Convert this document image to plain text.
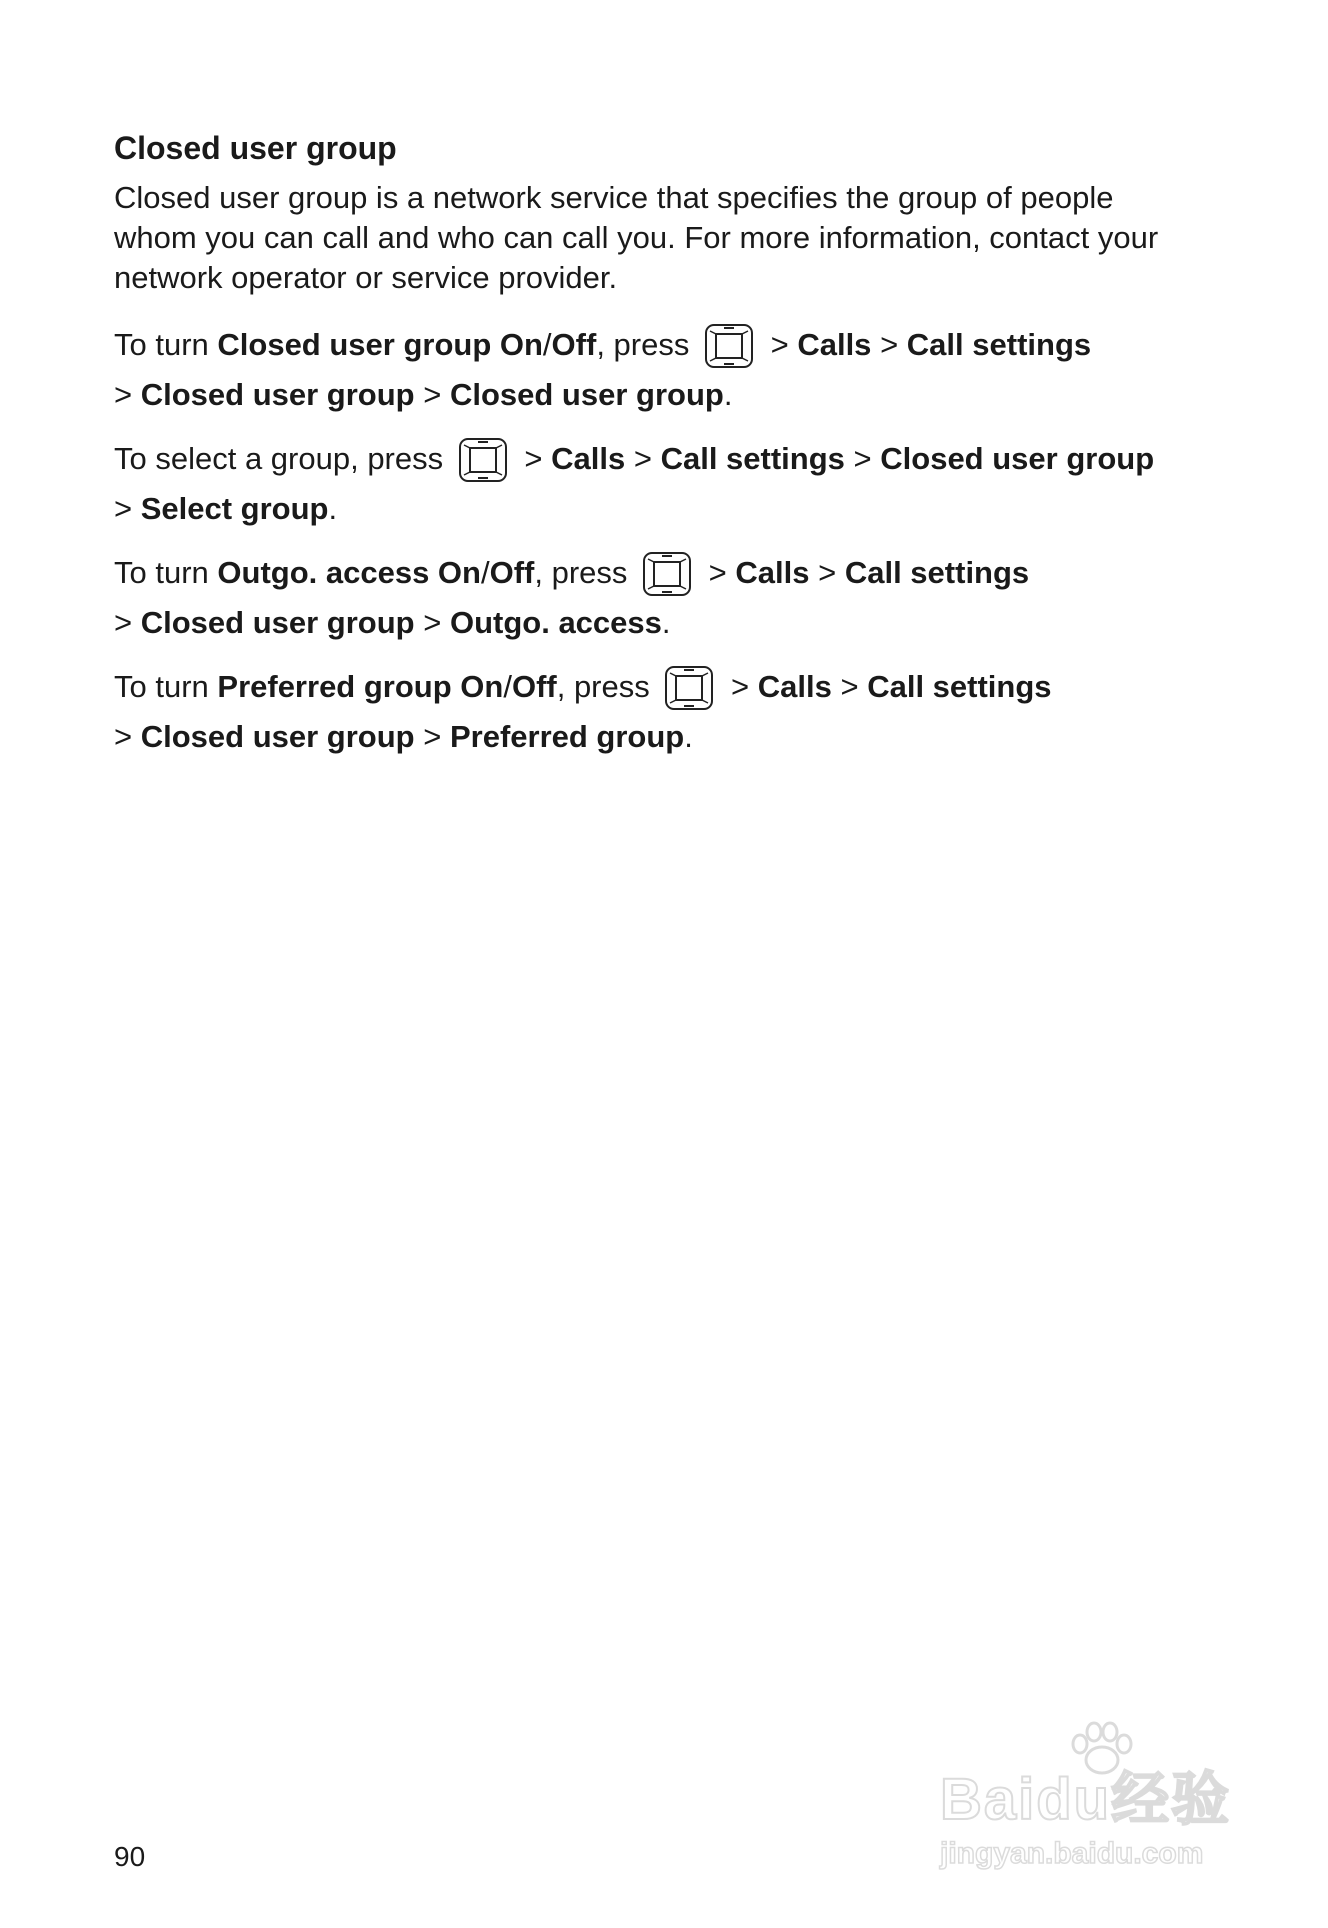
Closed user group
Closed user group is a network service that specifies the group of people whom you can call and who can call you. For more information, contact your network operator or service provider.
To turn Closed user group On/Off, press	> Calls > Call settings
> Closed user group > Closed user group.
To select a group, press	> Calls > Call settings > Closed user group > Select group.
To turn Outgo. access On/Off, press	> Calls > Call settings
> Closed user group > Outgo. access.
To turn Preferred group On/Off, press	> Calls > Call settings
> Closed user group > Preferred group.
90
Baidu经验
jingyan.baidu.com
